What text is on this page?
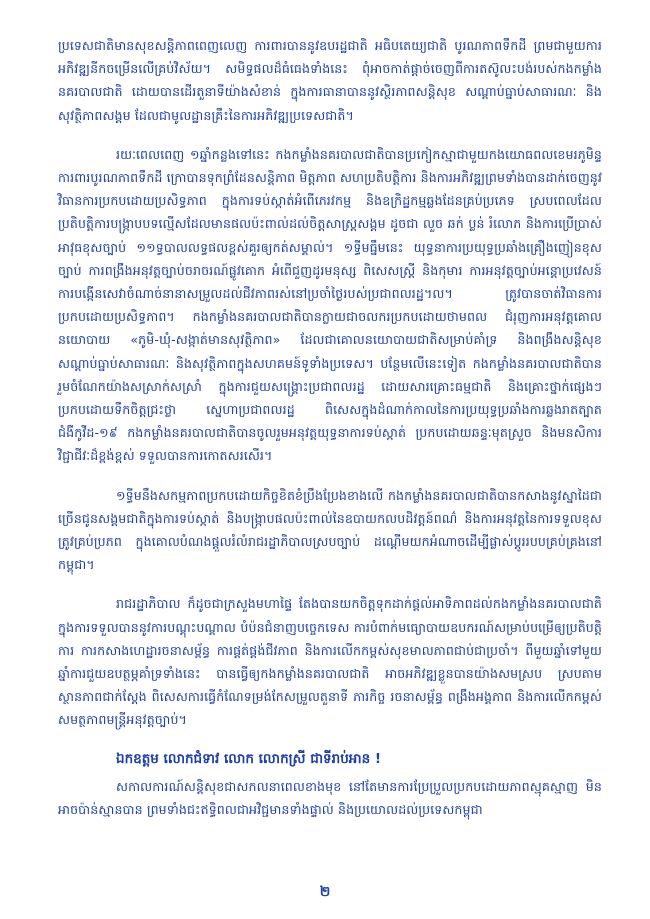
ប្រទេសជាតិមានសុខសន្តិភាពពេញលេញ ការពារបាននូវឧបរដ្ឋជាតិ អធិបតេយ្យជាតិ បូរណភាពទឹកដី ព្រមជាមួយការអភិវឌ្ឍនីកចម្រើនលើគ្រប់វិស័យ។ សមិទ្ធផលដ៏ធំធេងទាំងនេះ ពុំអាចកាត់ផ្តាច់ចេញពីការតស៊ូលះបង់របស់កងកម្លាំងនគរបាលជាតិ ដោយបានដើរតួនាទីយ៉ាងសំខាន់ ក្នុងការធានាបាននូវស្ថិរភាពសន្តិសុខ សណ្តាប់ធ្នាប់សាធារណៈ និងសុវត្ថិភាពសង្គម ដែលជាមូលដ្ឋានគ្រឹះនៃការអភិវឌ្ឍប្រទេសជាតិ។

រយៈពេលពេញ ១ឆ្នាំកន្លងទៅនេះ កងកម្លាំងនគរបាលជាតិបានប្រកៀកស្មាជាមួយកងយោធពលខេមរភូមិន្ទ ការពារបូរណភាពទឹកដី ក្រោបានទុកព្រំដែនសន្តិភាព មិត្តភាព សហប្រតិបត្តិការ និងការអភិវឌ្ឍព្រមទាំងបានដាក់ចេញនូវវិធានការប្រកបដោយប្រសិទ្ធភាព ក្នុងការទប់ស្កាត់អំពើភេរវកម្ម និងឧក្រិដ្ឋកម្មឆ្លងដែនគ្រប់ប្រភេទ ស្របពេលដែលប្រតិបត្តិការបង្ក្រាបបទល្មើសដែលមានផលប៉ះពាល់ដល់ចិត្តសាស្ត្រសង្គម ដូចជា លួច ឆក់ ប្លន់ រំលោភ និងការប្រើប្រាស់អាវុធខុសច្បាប់ ១១ទ្ធបាលលទ្ធផលខ្ពស់គួរឲ្យកត់សម្គាល់។ ១ទ្ធីមធ្នឹមនេះ យុទ្ធនាការប្រយុទ្ធប្រឆាំងគ្រឿងញៀនខុសច្បាប់ ការពង្រឹងអនុវត្តច្បាប់ចរាចរណ៍ផ្លូវគោក អំពើជួញដូរមនុស្ស ពិសេសស្ត្រី និងកុមារ ការអនុវត្តច្បាប់អន្តោប្រវេសន៍ ការបង្កើនសេវាចំណាច់នានាសម្រួលដល់ជីវភាពរស់នៅប្រចាំថ្ងៃរបស់ប្រជាពលរដ្ឋ។ល។ ត្រូវបានចាត់វិធានការប្រកបដោយប្រសិទ្ធភាព។ កងកម្លាំងនគរបាលជាតិបានក្លាយជាចលករប្រកបដោយថាមពល ជំរុញការអនុវត្តគោលនយោបាយ «ភូមិ-ឃុំ-សង្កាត់មានសុវត្ថិភាព» ដែលជាគោលនយោបាយជាតិសម្រាប់គាំទ្រ និងពង្រឹងសន្តិសុខ សណ្តាប់ធ្នាប់សាធារណៈ និងសុវត្ថិភាពក្នុងសហគមន៍ទូទាំងប្រទេស។ បន្ថែមលើនេះទៀត កងកម្លាំងនគរបាលជាតិបានរួមចំណែកយ៉ាងសស្រាក់សស្រាំ ក្នុងការជួយសង្គ្រោះប្រជាពលរដ្ឋ ដោយសារគ្រោះធម្មជាតិ និងគ្រោះថ្នាក់ផ្សេងៗប្រកបដោយទឹកចិត្តជ្រះថ្លា ស្នេហាប្រជាពលរដ្ឋ ពិសេសក្នុងដំណាក់កាលនៃការប្រយុទ្ធប្រឆាំងការឆ្លងរាតត្បាតជំងឺកូវីដ-១៩ កងកម្លាំងនគរបាលជាតិបានចូលរួមអនុវត្តយុទ្ធនាការទប់ស្កាត់ ប្រកបដោយឆន្ទៈមុតស្រួច និងមនសិការវិជ្ជាជីវៈដ៏ខ្ពង់ខ្ពស់ ទទួលបានការកោតសរសើរ។

១ទ្ធីមនឹងសកម្មភាពប្រកបដោយកិច្ចខិតខំប្រឹងប្រែងខាងលើ កងកម្លាំងនគរបាលជាតិបានកសាងនូវស្នាដៃជាច្រើនជូនសង្គមជាតិក្នុងការទប់ស្កាត់ និងបង្ក្រាបផលប៉ះពាល់នៃឧបាយកលបដិវត្តន៍ពណ៌ និងការអនុវត្តនៃការទទួលខុសត្រូវគ្រប់ប្រភព ក្នុងគោលបំណងផ្តួលរំលំរាជរដ្ឋាភិបាលស្របច្បាប់ ដណ្តើមយកអំណាចដើម្បីផ្លាស់ប្តូររបបគ្រប់គ្រងនៅកម្ពុជា។

រាជរដ្ឋាភិបាល ក៏ដូចជាក្រសួងមហាផ្ទៃ តែងបានយកចិត្តទុកដាក់ផ្តល់អាទិភាពដល់កងកម្លាំងនគរបាលជាតិ ក្នុងការទទួលបាននូវការបណ្តុះបណ្តាល បំប៉នជំនាញបច្ចេកទេស ការបំពាក់មធ្យោបាយឧបករណ៍សម្រាប់បម្រើឲ្យប្រតិបត្តិការ ការកសាងហេដ្ឋារចនាសម្ព័ន្ធ ការផ្គត់ផ្គង់ជីវភាព និងការលើកកម្ពស់សុខមាលភាពជាប់ជាប្រចាំ។ ពីមួយឆ្នាំទៅមួយឆ្នាំការជួយឧបត្ថម្ភគាំទ្រទាំងនេះ បានធ្វើឲ្យកងកម្លាំងនគរបាលជាតិ អាចអភិវឌ្ឍខ្លួនបានយ៉ាងសមស្រប ស្របតាមស្ថានភាពជាក់ស្តែង ពិសេសការធ្វើកំណែទម្រង់កែសម្រួលតួនាទី ភារកិច្ច រចនាសម្ព័ន្ធ ពង្រឹងអង្គភាព និងការលើកកម្ពស់សមត្ថភាពមន្ត្រីអនុវត្តច្បាប់។

ឯកឧត្តម លោកជំទាវ លោក លោកស្រី ជាទីរាប់អាន !

សកាលការណ៍សន្តិសុខជាសកលនាពេលខាងមុខ នៅតែមានការប្រែប្រួលប្រកបដោយភាពស្មុគស្មាញ មិនអាចប៉ាន់ស្មានបាន ព្រមទាំងជះឥទ្ធិពលជាអវិជ្ជមានទាំងផ្ទាល់ និងប្រយោលដល់ប្រទេសកម្ពុជា

២
